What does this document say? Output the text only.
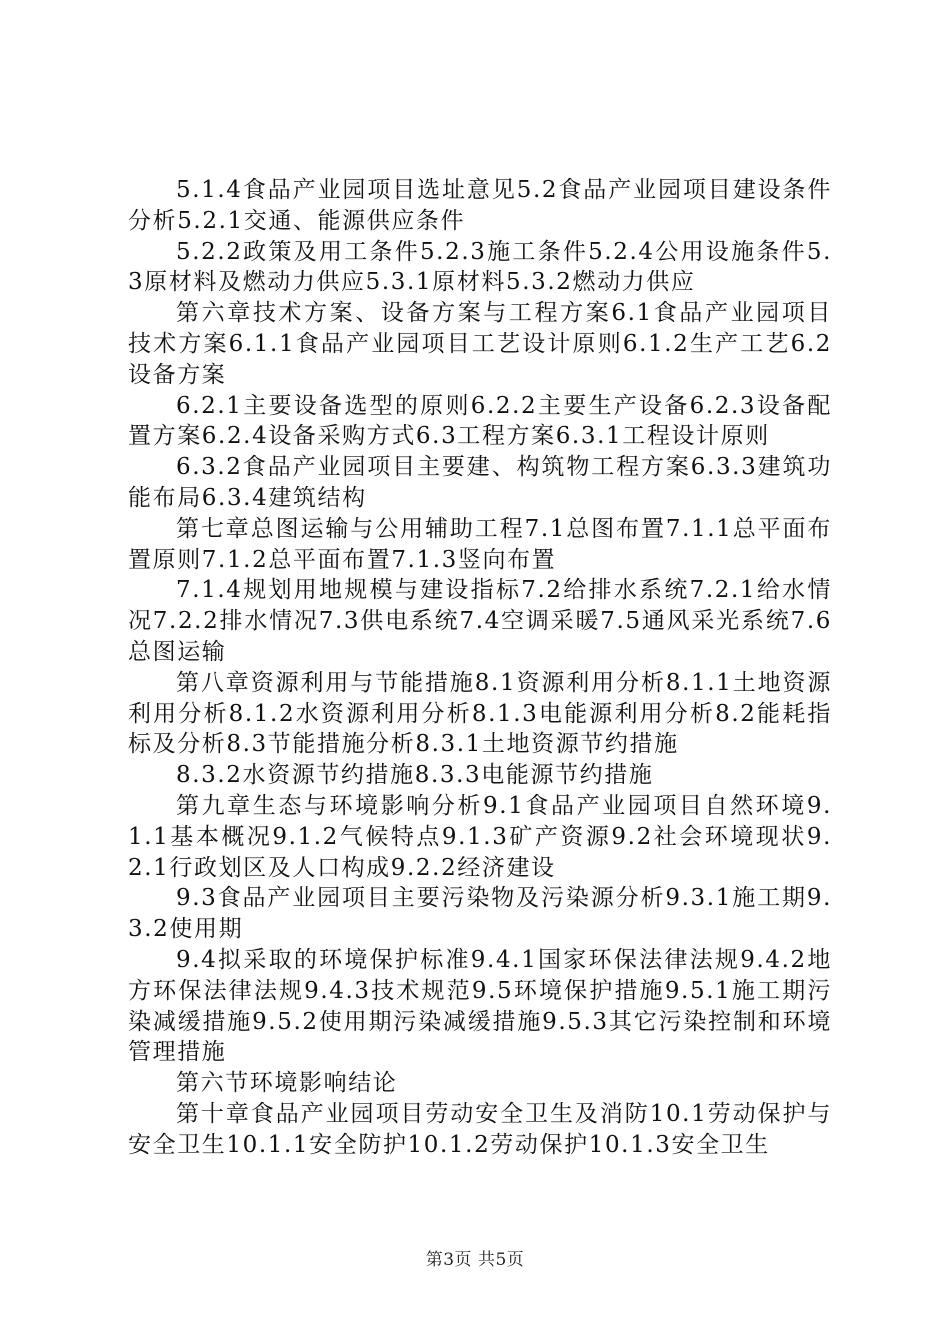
5.1.4食品产业园项目选址意见5.2食品产业园项目建设条件分析5.2.1交通、能源供应条件

5.2.2政策及用工条件5.2.3施工条件5.2.4公用设施条件5.3原材料及燃动力供应5.3.1原材料5.3.2燃动力供应

第六章技术方案、设备方案与工程方案6.1食品产业园项目技术方案6.1.1食品产业园项目工艺设计原则6.1.2生产工艺6.2设备方案

6.2.1主要设备选型的原则6.2.2主要生产设备6.2.3设备配置方案6.2.4设备采购方式6.3工程方案6.3.1工程设计原则

6.3.2食品产业园项目主要建、构筑物工程方案6.3.3建筑功能布局6.3.4建筑结构

第七章总图运输与公用辅助工程7.1总图布置7.1.1总平面布置原则7.1.2总平面布置7.1.3竖向布置

7.1.4规划用地规模与建设指标7.2给排水系统7.2.1给水情况7.2.2排水情况7.3供电系统7.4空调采暖7.5通风采光系统7.6总图运输

第八章资源利用与节能措施8.1资源利用分析8.1.1土地资源利用分析8.1.2水资源利用分析8.1.3电能源利用分析8.2能耗指标及分析8.3节能措施分析8.3.1土地资源节约措施

8.3.2水资源节约措施8.3.3电能源节约措施

第九章生态与环境影响分析9.1食品产业园项目自然环境9.1.1基本概况9.1.2气候特点9.1.3矿产资源9.2社会环境现状9.2.1行政划区及人口构成9.2.2经济建设

9.3食品产业园项目主要污染物及污染源分析9.3.1施工期9.3.2使用期

9.4拟采取的环境保护标准9.4.1国家环保法律法规9.4.2地方环保法律法规9.4.3技术规范9.5环境保护措施9.5.1施工期污染减缓措施9.5.2使用期污染减缓措施9.5.3其它污染控制和环境管理措施

第六节环境影响结论

第十章食品产业园项目劳动安全卫生及消防10.1劳动保护与安全卫生10.1.1安全防护10.1.2劳动保护10.1.3安全卫生

第3页 共5页
